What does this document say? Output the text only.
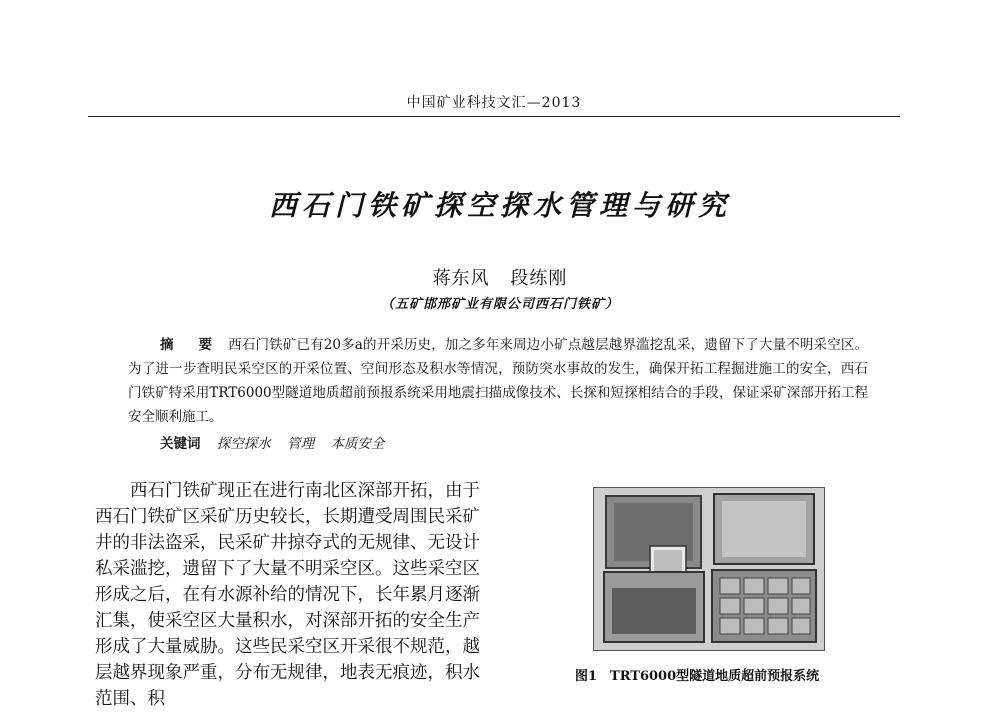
中国矿业科技文汇—2013
西石门铁矿探空探水管理与研究
蒋东风 段练刚
（五矿邯邢矿业有限公司西石门铁矿）

摘 要 西石门铁矿已有20多a的开采历史，加之多年来周边小矿点越层越界滥挖乱采，遗留下了大量不明采空区。为了进一步查明民采空区的开采位置、空间形态及积水等情况，预防突水事故的发生，确保开拓工程掘进施工的安全，西石门铁矿特采用TRT6000型隧道地质超前预报系统采用地震扫描成像技术、长探和短探相结合的手段，保证采矿深部开拓工程安全顺利施工。

关键词 探空探水 管理 本质安全

西石门铁矿现正在进行南北区深部开拓，由于西石门铁矿区采矿历史较长，长期遭受周围民采矿井的非法盗采，民采矿井掠夺式的无规律、无设计私采滥挖，遗留下了大量不明采空区。这些采空区形成之后，在有水源补给的情况下，长年累月逐渐汇集，使采空区大量积水，对深部开拓的安全生产形成了大量威胁。这些民采空区开采很不规范，越层越界现象严重，分布无规律，地表无痕迹，积水范围、积

图1　TRT6000型隧道地质超前预报系统
